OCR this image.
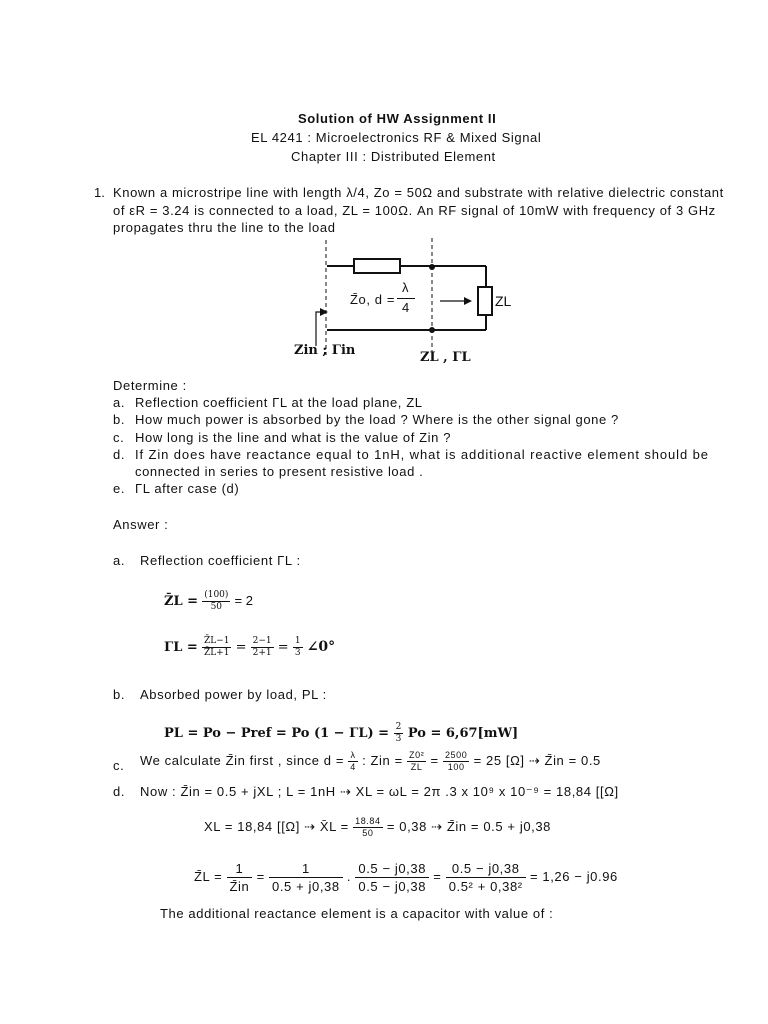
Solution of HW Assignment II
EL 4241 : Microelectronics RF & Mixed Signal
Chapter III : Distributed Element
1. Known a microstripe line with length λ/4, Zo = 50Ω and substrate with relative dielectric constant
of εR = 3.24 is connected to a load, ZL = 100Ω. An RF signal of 10mW with frequency of 3 GHz
propagates thru the line to the load
Z̄o, d =
λ
4	ZL
Zin ; Γin	ZL , ΓL
Determine :
a. Reflection coefficient ΓL at the load plane, ZL
b. How much power is absorbed by the load ? Where is the other signal gone ?
c. How long is the line and what is the value of Zin ?
d. If Zin does have reactance equal to 1nH, what is additional reactive element should be
connected in series to present resistive load .
e. ΓL after case (d)
Answer :
a. Reflection coefficient ΓL :
Z̄L = $\frac{(100)}{50} = 2$
$\Gamma L = \frac{Z̄L-1}{Z̄L+1} = \frac{2-1}{2+1} = \frac{1}{3}$ ∠0°
b. Absorbed power by load, PL :
PL = Po − Pref = Po $(1 - \Gamma L) = \frac{2}{3}$ Po = 6,67[mW]
c. We calculate Z̄in first , since $d = \frac{\lambda}{4}$ : Zin = $\frac{\text{Z0²}}{ZL} = \frac{2500}{100} = 25$ [Ω] ⇢ Z̄in = 0.5
d. Now : Z̄in = 0.5 + jXL ; L = 1nH ⇢ XL = ωL = 2π .3 x 10⁹ x 10⁻⁹ = 18,84 [[Ω]
XL = 18,84 [[Ω] ⇢ X̄L = $\frac{18.84}{50} = 0,38$ ⇢ Z̄in = 0.5 + j0,38
Z̄L = $\frac{1}{Z̄in} = \frac{1}{0.5 + j0,38}$ . $\frac{0.5 - j0,38}{0.5 - j0,38} = \frac{0.5 - j0,38}{\text{0.5² + 0,38²}} = 1,26 - j0.96$
The additional reactance element is a capacitor with value of :
